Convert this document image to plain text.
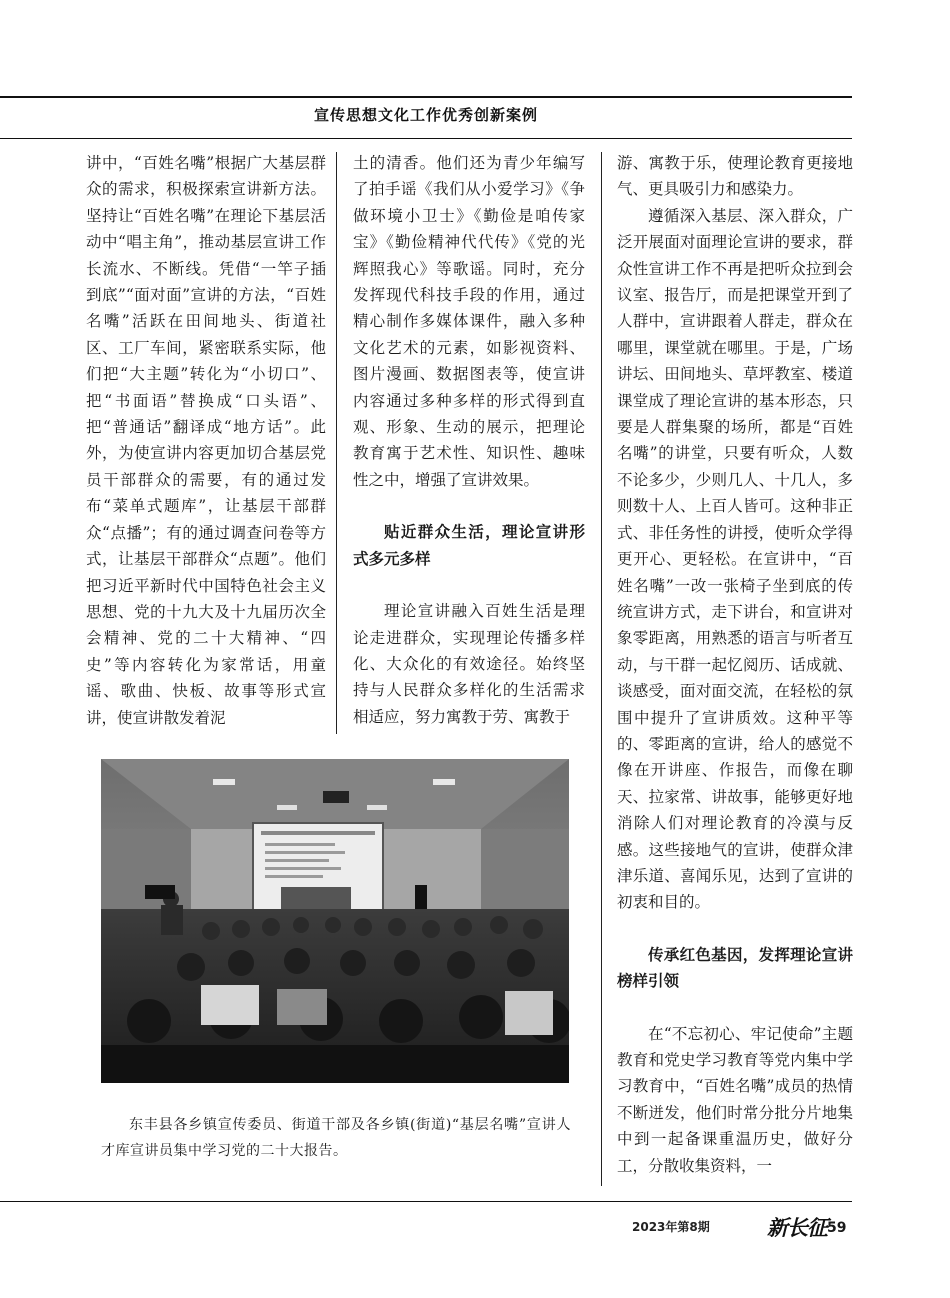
宣传思想文化工作优秀创新案例

讲中，“百姓名嘴”根据广大基层群众的需求，积极探索宣讲新方法。坚持让“百姓名嘴”在理论下基层活动中“唱主角”，推动基层宣讲工作长流水、不断线。凭借“一竿子插到底”“面对面”宣讲的方法，“百姓名嘴”活跃在田间地头、街道社区、工厂车间，紧密联系实际，他们把“大主题”转化为“小切口”、把“书面语”替换成“口头语”、把“普通话”翻译成“地方话”。此外，为使宣讲内容更加切合基层党员干部群众的需要，有的通过发布“菜单式题库”，让基层干部群众“点播”；有的通过调查问卷等方式，让基层干部群众“点题”。他们把习近平新时代中国特色社会主义思想、党的十九大及十九届历次全会精神、党的二十大精神、“四史”等内容转化为家常话，用童谣、歌曲、快板、故事等形式宣讲，使宣讲散发着泥

土的清香。他们还为青少年编写了拍手谣《我们从小爱学习》《争做环境小卫士》《勤俭是咱传家宝》《勤俭精神代代传》《党的光辉照我心》等歌谣。同时，充分发挥现代科技手段的作用，通过精心制作多媒体课件，融入多种文化艺术的元素，如影视资料、图片漫画、数据图表等，使宣讲内容通过多种多样的形式得到直观、形象、生动的展示，把理论教育寓于艺术性、知识性、趣味性之中，增强了宣讲效果。

贴近群众生活，理论宣讲形式多元多样

理论宣讲融入百姓生活是理论走进群众，实现理论传播多样化、大众化的有效途径。始终坚持与人民群众多样化的生活需求相适应，努力寓教于劳、寓教于

游、寓教于乐，使理论教育更接地气、更具吸引力和感染力。

遵循深入基层、深入群众，广泛开展面对面理论宣讲的要求，群众性宣讲工作不再是把听众拉到会议室、报告厅，而是把课堂开到了人群中，宣讲跟着人群走，群众在哪里，课堂就在哪里。于是，广场讲坛、田间地头、草坪教室、楼道课堂成了理论宣讲的基本形态，只要是人群集聚的场所，都是“百姓名嘴”的讲堂，只要有听众，人数不论多少，少则几人、十几人，多则数十人、上百人皆可。这种非正式、非任务性的讲授，使听众学得更开心、更轻松。在宣讲中，“百姓名嘴”一改一张椅子坐到底的传统宣讲方式，走下讲台，和宣讲对象零距离，用熟悉的语言与听者互动，与干群一起忆阅历、话成就、谈感受，面对面交流，在轻松的氛围中提升了宣讲质效。这种平等的、零距离的宣讲，给人的感觉不像在开讲座、作报告，而像在聊天、拉家常、讲故事，能够更好地消除人们对理论教育的冷漠与反感。这些接地气的宣讲，使群众津津乐道、喜闻乐见，达到了宣讲的初衷和目的。

传承红色基因，发挥理论宣讲榜样引领

在“不忘初心、牢记使命”主题教育和党史学习教育等党内集中学习教育中，“百姓名嘴”成员的热情不断迸发，他们时常分批分片地集中到一起备课重温历史，做好分工，分散收集资料，一

东丰县各乡镇宣传委员、街道干部及各乡镇(街道)“基层名嘴”宣讲人才库宣讲员集中学习党的二十大报告。
2023年第8期	新长征 59
